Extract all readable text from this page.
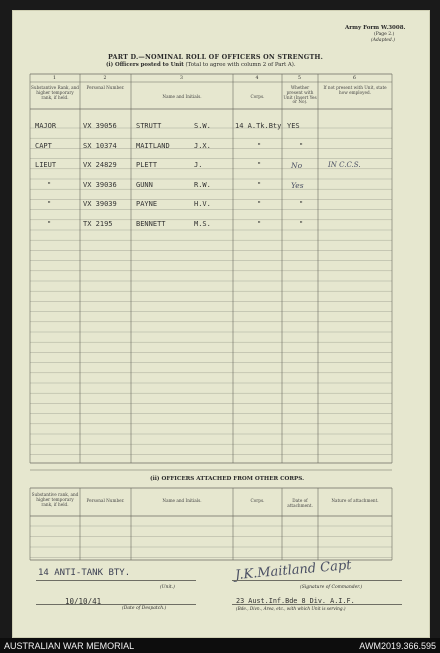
Army Form W.3008.
(Page 2.)
(Adapted.)
PART D.—NOMINAL ROLL OF OFFICERS ON STRENGTH.
(i) Officers posted to Unit (Total to agree with column 2 of Part A).
1	2	3	4	5	6
Substantive Rank, and higher temporary rank, if held.
Personal Number.
Name and Initials.	Corps.
Whether present with Unit (Insert Yes or No).
If not present with Unit, state how employed.
MAJOR	VX 39056	STRUTT	S.W.	14 A.Tk.Bty YES
CAPT	SX 10374	MAITLAND	J.X.	"	"
LIEUT	VX 24829	PLETT	J.	"	No	IN C.C.S.
"	VX 39036	GUNN	R.W.	"	Yes
"	VX 39039	PAYNE	H.V.	"	"
"	TX 2195	BENNETT	M.S.	"	"
(ii) OFFICERS ATTACHED FROM OTHER CORPS.
Substantive rank, and higher temporary rank, if held.
Personal Number.	Name and Initials.	Corps.	Date of attachment.
Nature of attachment.
14 ANTI-TANK BTY.
(Unit.)
J.K.Maitland Capt
(Signature of Commander.)
10/10/41
(Date of Despatch.)
23 Aust.Inf.Bde 8 Div. A.I.F.
(Bde., Divn., Area, etc., with which Unit is serving.)
AUSTRALIAN WAR MEMORIAL	AWM2019.366.595
